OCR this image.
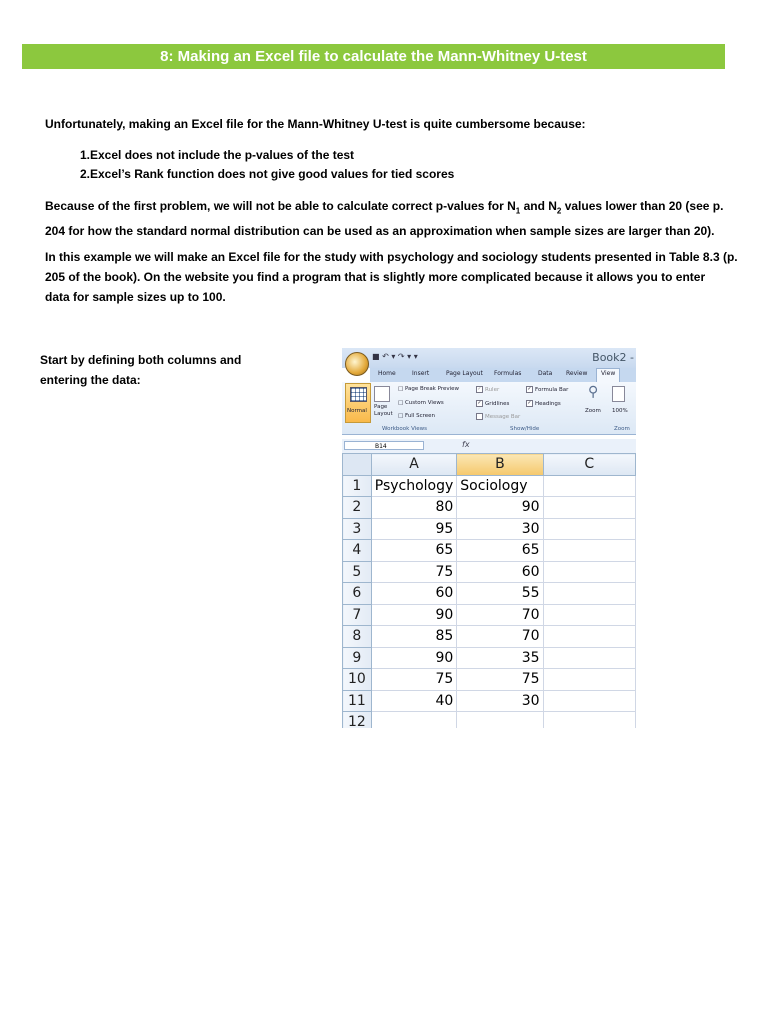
8: Making an Excel file to calculate the Mann-Whitney U-test
Unfortunately, making an Excel file for the Mann-Whitney U-test is quite cumbersome because:
1.Excel does not include the p-values of the test
2.Excel’s Rank function does not give good values for tied scores
Because of the first problem, we will not be able to calculate correct p-values for $N_1$ and $N_2$ values lower than 20 (see p.
204 for how the standard normal distribution can be used as an approximation when sample sizes are larger than 20).
In this example we will make an Excel file for the study with psychology and sociology students presented in Table 8.3 (p.
205 of the book). On the website you find a program that is slightly more complicated because it allows you to enter
data for sample sizes up to 100.
Start by defining both columns and
entering the data:
■ ↶ ▾ ↷ ▾ ▾	Book2 -
Home	Insert	Page Layout Formulas	Data Review	View
Normal
Page Layout
□ Page Break Preview
□ Custom Views
□ Full Screen
✓ Ruler	✓ Formula Bar
✓ Gridlines	✓ Headings
Message Bar
⚲
Zoom 100%
Workbook Views	Show/Hide	Zoom
B14	fx
	A	B	C
1	Psychology	Sociology	
2	80	90	
3	95	30	
4	65	65	
5	75	60	
6	60	55	
7	90	70	
8	85	70	
9	90	35	
10	75	75	
11	40	30	
12			
